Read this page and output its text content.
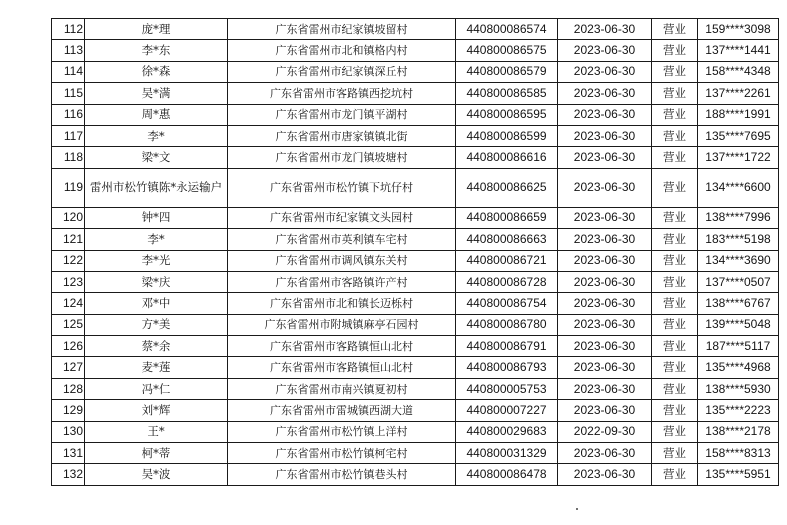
112	庞*理	广东省雷州市纪家镇坡留村	440800086574	2023-06-30	营业	159****3098
113	李*东	广东省雷州市北和镇格内村	440800086575	2023-06-30	营业	137****1441
114	徐*森	广东省雷州市纪家镇深丘村	440800086579	2023-06-30	营业	158****4348
115	吴*满	广东省雷州市客路镇西挖坑村	440800086585	2023-06-30	营业	137****2261
116	周*惠	广东省雷州市龙门镇平湖村	440800086595	2023-06-30	营业	188****1991
117	李*	广东省雷州市唐家镇镇北街	440800086599	2023-06-30	营业	135****7695
118	梁*文	广东省雷州市龙门镇坡塘村	440800086616	2023-06-30	营业	137****1722
119	雷州市松竹镇陈*永运输户	广东省雷州市松竹镇下坑仔村	440800086625	2023-06-30	营业	134****6600
120	钟*四	广东省雷州市纪家镇文头园村	440800086659	2023-06-30	营业	138****7996
121	李*	广东省雷州市英利镇车宅村	440800086663	2023-06-30	营业	183****5198
122	李*光	广东省雷州市调风镇东关村	440800086721	2023-06-30	营业	134****3690
123	梁*庆	广东省雷州市客路镇许产村	440800086728	2023-06-30	营业	137****0507
124	邓*中	广东省雷州市北和镇长迈栎村	440800086754	2023-06-30	营业	138****6767
125	方*美	广东省雷州市附城镇麻亭石园村	440800086780	2023-06-30	营业	139****5048
126	蔡*余	广东省雷州市客路镇恒山北村	440800086791	2023-06-30	营业	187****5117
127	麦*莲	广东省雷州市客路镇恒山北村	440800086793	2023-06-30	营业	135****4968
128	冯*仁	广东省雷州市南兴镇夏初村	440800005753	2023-06-30	营业	138****5930
129	刘*辉	广东省雷州市雷城镇西湖大道	440800007227	2023-06-30	营业	135****2223
130	王*	广东省雷州市松竹镇上洋村	440800029683	2022-09-30	营业	138****2178
131	柯*蒂	广东省雷州市松竹镇柯宅村	440800031329	2023-06-30	营业	158****8313
132	吴*波	广东省雷州市松竹镇巷头村	440800086478	2023-06-30	营业	135****5951
